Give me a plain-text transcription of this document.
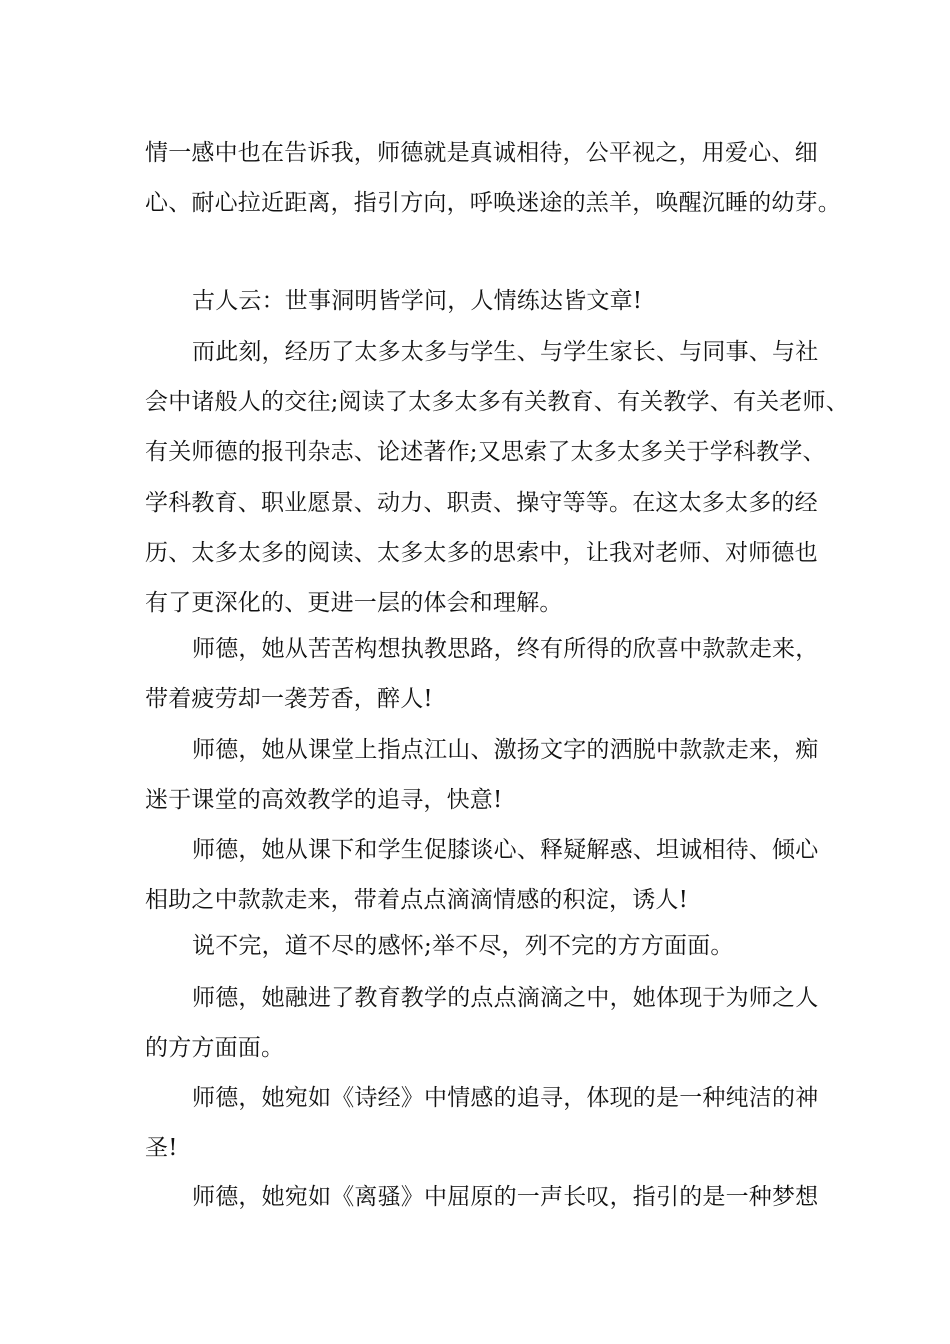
情一感中也在告诉我，师德就是真诚相待，公平视之，用爱心、细

心、耐心拉近距离，指引方向，呼唤迷途的羔羊，唤醒沉睡的幼芽。

古人云：世事洞明皆学问，人情练达皆文章!

而此刻，经历了太多太多与学生、与学生家长、与同事、与社

会中诸般人的交往;阅读了太多太多有关教育、有关教学、有关老师、

有关师德的报刊杂志、论述著作;又思索了太多太多关于学科教学、

学科教育、职业愿景、动力、职责、操守等等。在这太多太多的经

历、太多太多的阅读、太多太多的思索中，让我对老师、对师德也

有了更深化的、更进一层的体会和理解。

师德，她从苦苦构想执教思路，终有所得的欣喜中款款走来，

带着疲劳却一袭芳香，醉人!

师德，她从课堂上指点江山、激扬文字的洒脱中款款走来，痴

迷于课堂的高效教学的追寻，快意!

师德，她从课下和学生促膝谈心、释疑解惑、坦诚相待、倾心

相助之中款款走来，带着点点滴滴情感的积淀，诱人!

说不完，道不尽的感怀;举不尽，列不完的方方面面。

师德，她融进了教育教学的点点滴滴之中，她体现于为师之人

的方方面面。

师德，她宛如《诗经》中情感的追寻，体现的是一种纯洁的神

圣!

师德，她宛如《离骚》中屈原的一声长叹，指引的是一种梦想
